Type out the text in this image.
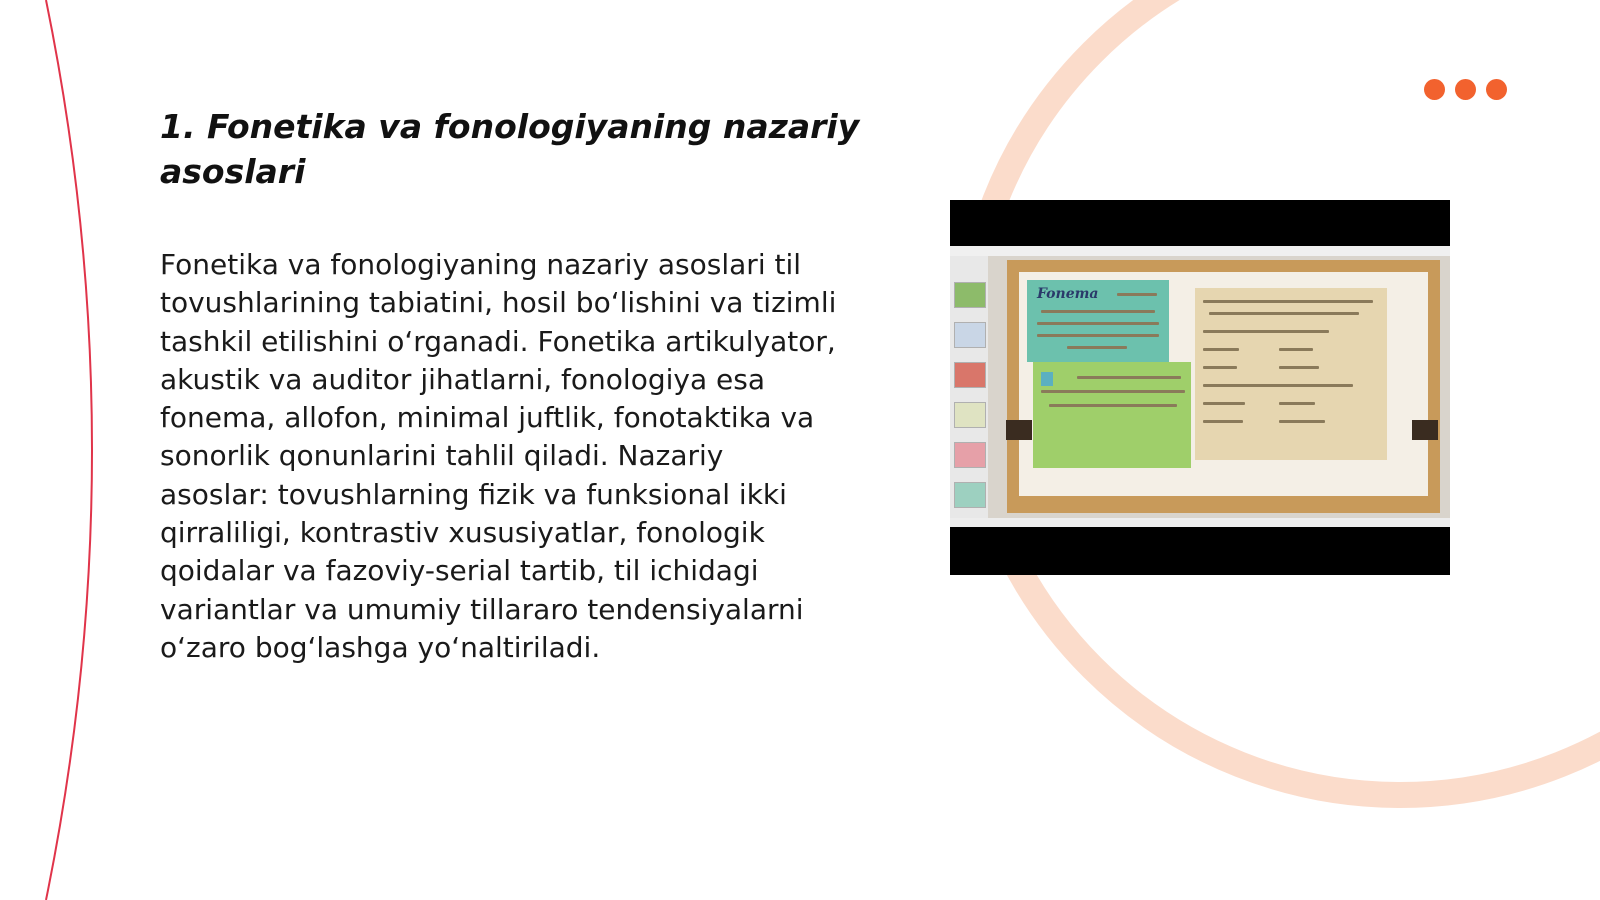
1. Fonetika va fonologiyaning nazariy asoslari

Fonetika va fonologiyaning nazariy asoslari til tovushlarining tabiatini, hosil bo‘lishini va tizimli tashkil etilishini o‘rganadi. Fonetika artikulyator, akustik va auditor jihatlarni, fonologiya esa fonema, allofon, minimal juftlik, fonotaktika va sonorlik qonunlarini tahlil qiladi. Nazariy asoslar: tovushlarning fizik va funksional ikki qirraliligi, kontrastiv xususiyatlar, fonologik qoidalar va fazoviy-serial tartib, til ichidagi variantlar va umumiy tillararo tendensiyalarni o‘zaro bog‘lashga yo‘naltiriladi.

Fonema
